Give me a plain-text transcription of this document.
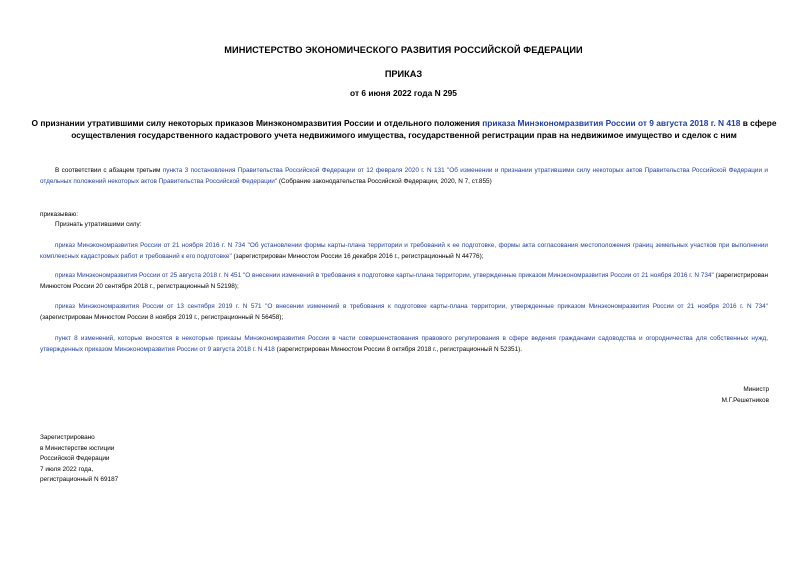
МИНИСТЕРСТВО ЭКОНОМИЧЕСКОГО РАЗВИТИЯ РОССИЙСКОЙ ФЕДЕРАЦИИ
ПРИКАЗ
от 6 июня 2022 года N 295
О признании утратившими силу некоторых приказов Минэкономразвития России и отдельного положения приказа Минэкономразвития России от 9 августа 2018 г. N 418 в сфере осуществления государственного кадастрового учета недвижимого имущества, государственной регистрации прав на недвижимое имущество и сделок с ним
В соответствии с абзацем третьим пункта 3 постановления Правительства Российской Федерации от 12 февраля 2020 г. N 131 "Об изменении и признании утратившими силу некоторых актов Правительства Российской Федерации и отдельных положений некоторых актов Правительства Российской Федерации" (Собрание законодательства Российской Федерации, 2020, N 7, ст.855)
приказываю:
Признать утратившими силу:
приказ Минэкономразвития России от 21 ноября 2016 г. N 734 "Об установлении формы карты-плана территории и требований к ее подготовке, формы акта согласования местоположения границ земельных участков при выполнении комплексных кадастровых работ и требований к его подготовке" (зарегистрирован Минюстом России 16 декабря 2016 г., регистрационный N 44776);
приказ Минэкономразвития России от 25 августа 2018 г. N 451 "О внесении изменений в требования к подготовке карты-плана территории, утвержденные приказом Минэкономразвития России от 21 ноября 2016 г. N 734" (зарегистрирован Минюстом России 20 сентября 2018 г., регистрационный N 52198);
приказ Минэкономразвития России от 13 сентября 2019 г. N 571 "О внесении изменений в требования к подготовке карты-плана территории, утвержденные приказом Минэкономразвития России от 21 ноября 2016 г. N 734" (зарегистрирован Минюстом России 8 ноября 2019 г., регистрационный N 56458);
пункт 8 изменений, которые вносятся в некоторые приказы Минэкономразвития России в части совершенствования правового регулирования в сфере ведения гражданами садоводства и огородничества для собственных нужд, утвержденных приказом Минэкономразвития России от 9 августа 2018 г. N 418 (зарегистрирован Минюстом России 8 октября 2018 г., регистрационный N 52351).
Министр
М.Г.Решетников
Зарегистрировано
в Министерстве юстиции
Российской Федерации
7 июля 2022 года,
регистрационный N 69187
